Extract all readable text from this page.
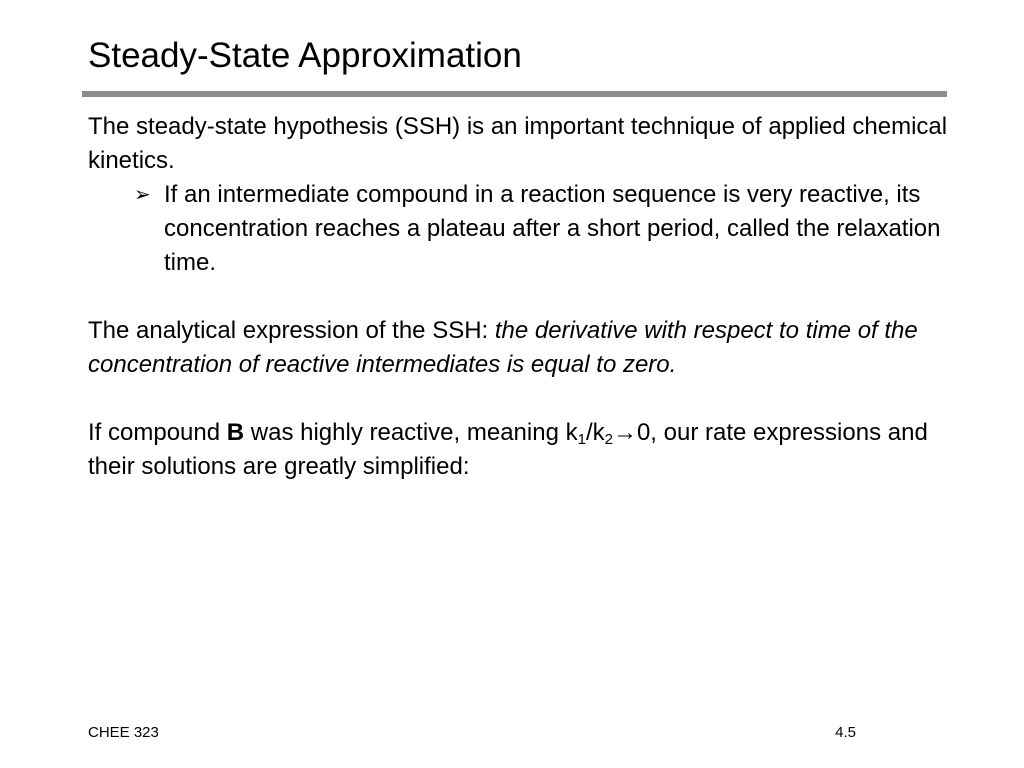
Steady-State Approximation

The steady-state hypothesis (SSH) is an important technique of applied chemical kinetics.

➢ If an intermediate compound in a reaction sequence is very reactive, its concentration reaches a plateau after a short period, called the relaxation time.

The analytical expression of the SSH: the derivative with respect to time of the concentration of reactive intermediates is equal to zero.

If compound B was highly reactive, meaning $k_1/k_2\to 0$, our rate expressions and their solutions are greatly simplified:

CHEE 323	4.5
